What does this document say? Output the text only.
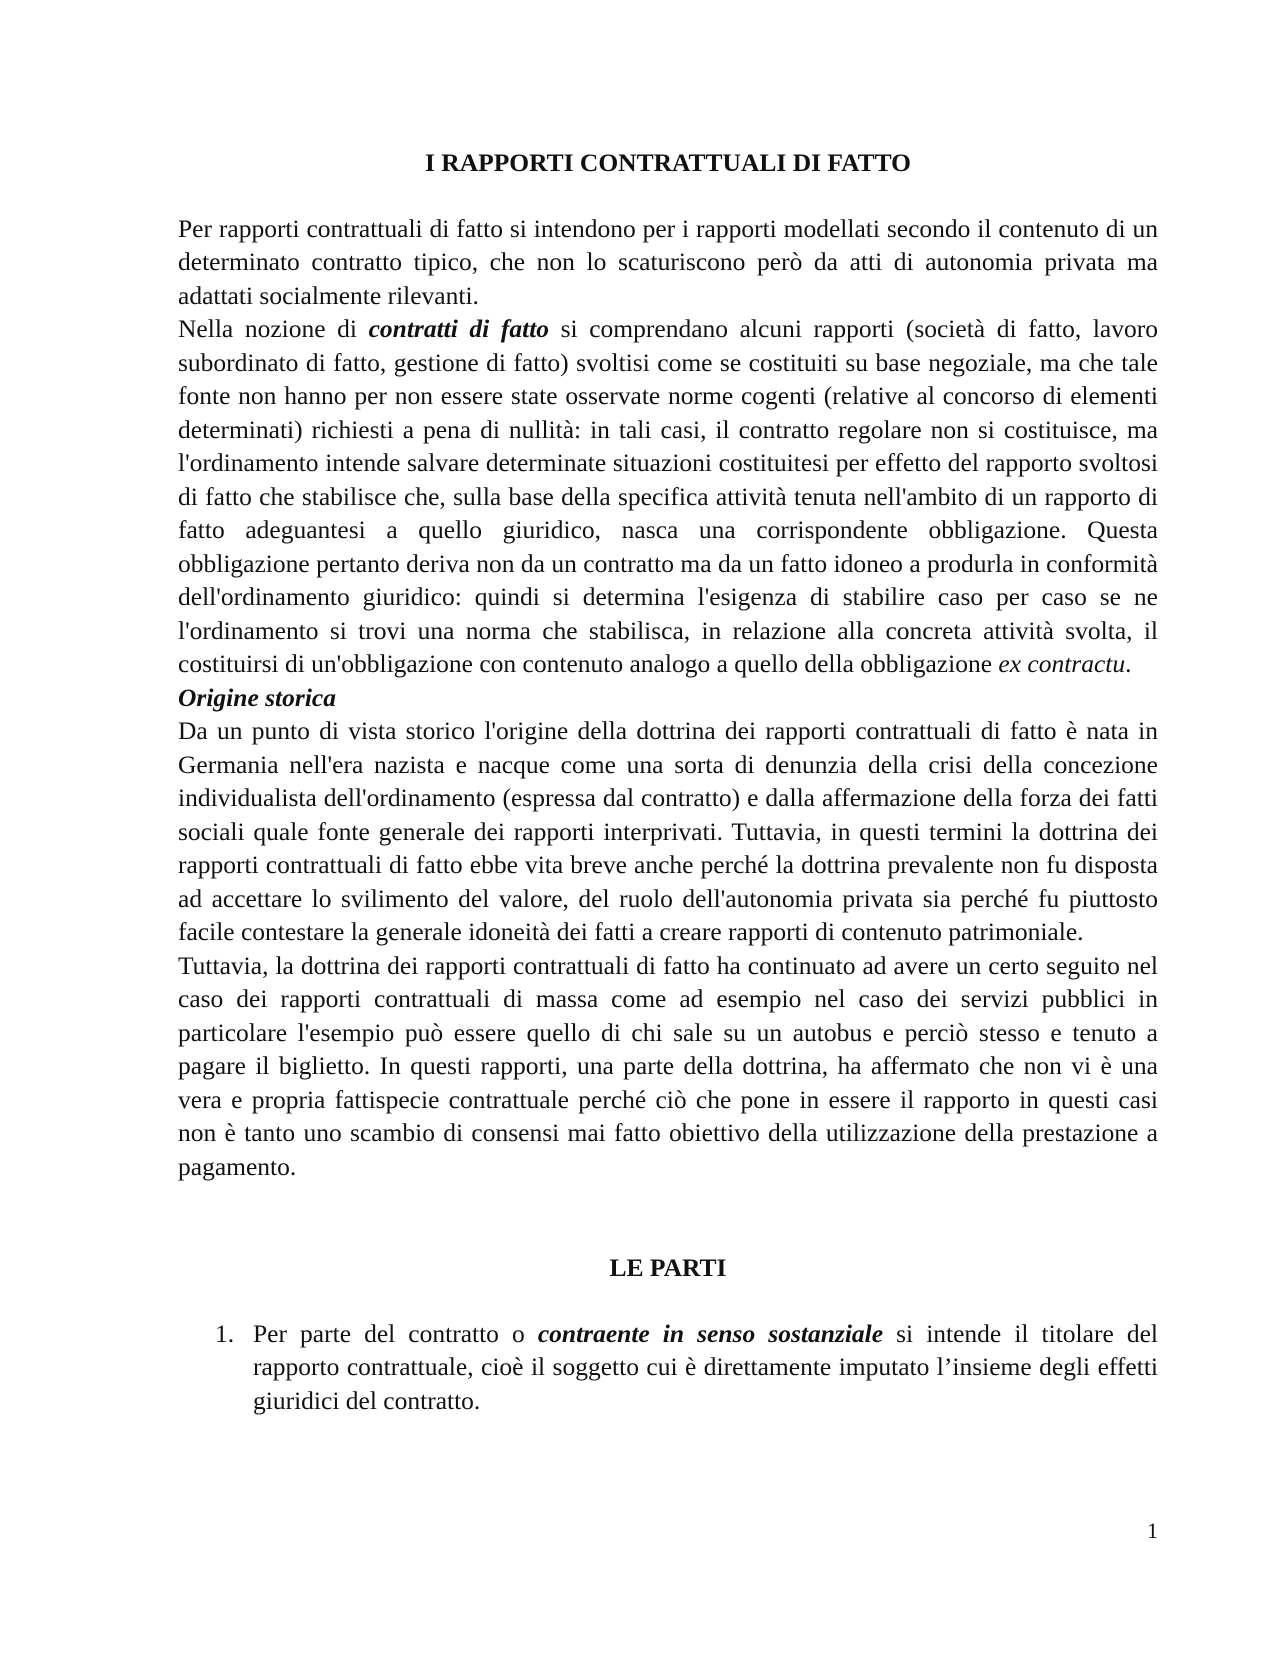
I RAPPORTI CONTRATTUALI DI FATTO

Per rapporti contrattuali di fatto si intendono per i rapporti modellati secondo il contenuto di un determinato contratto tipico, che non lo scaturiscono però da atti di autonomia privata ma adattati socialmente rilevanti.

Nella nozione di contratti di fatto si comprendano alcuni rapporti (società di fatto, lavoro subordinato di fatto, gestione di fatto) svoltisi come se costituiti su base negoziale, ma che tale fonte non hanno per non essere state osservate norme cogenti (relative al concorso di elementi determinati) richiesti a pena di nullità: in tali casi, il contratto regolare non si costituisce, ma l'ordinamento intende salvare determinate situazioni costituitesi per effetto del rapporto svoltosi di fatto che stabilisce che, sulla base della specifica attività tenuta nell'ambito di un rapporto di fatto adeguantesi a quello giuridico, nasca una corrispondente obbligazione. Questa obbligazione pertanto deriva non da un contratto ma da un fatto idoneo a produrla in conformità dell'ordinamento giuridico: quindi si determina l'esigenza di stabilire caso per caso se ne l'ordinamento si trovi una norma che stabilisca, in relazione alla concreta attività svolta, il costituirsi di un'obbligazione con contenuto analogo a quello della obbligazione ex contractu.

Origine storica

Da un punto di vista storico l'origine della dottrina dei rapporti contrattuali di fatto è nata in Germania nell'era nazista e nacque come una sorta di denunzia della crisi della concezione individualista dell'ordinamento (espressa dal contratto) e dalla affermazione della forza dei fatti sociali quale fonte generale dei rapporti interprivati. Tuttavia, in questi termini la dottrina dei rapporti contrattuali di fatto ebbe vita breve anche perché la dottrina prevalente non fu disposta ad accettare lo svilimento del valore, del ruolo dell'autonomia privata sia perché fu piuttosto facile contestare la generale idoneità dei fatti a creare rapporti di contenuto patrimoniale.

Tuttavia, la dottrina dei rapporti contrattuali di fatto ha continuato ad avere un certo seguito nel caso dei rapporti contrattuali di massa come ad esempio nel caso dei servizi pubblici in particolare l'esempio può essere quello di chi sale su un autobus e perciò stesso e tenuto a pagare il biglietto. In questi rapporti, una parte della dottrina, ha affermato che non vi è una vera e propria fattispecie contrattuale perché ciò che pone in essere il rapporto in questi casi non è tanto uno scambio di consensi mai fatto obiettivo della utilizzazione della prestazione a pagamento.

LE PARTI
1. Per parte del contratto o contraente in senso sostanziale si intende il titolare del rapporto contrattuale, cioè il soggetto cui è direttamente imputato l’insieme degli effetti giuridici del contratto.
1
